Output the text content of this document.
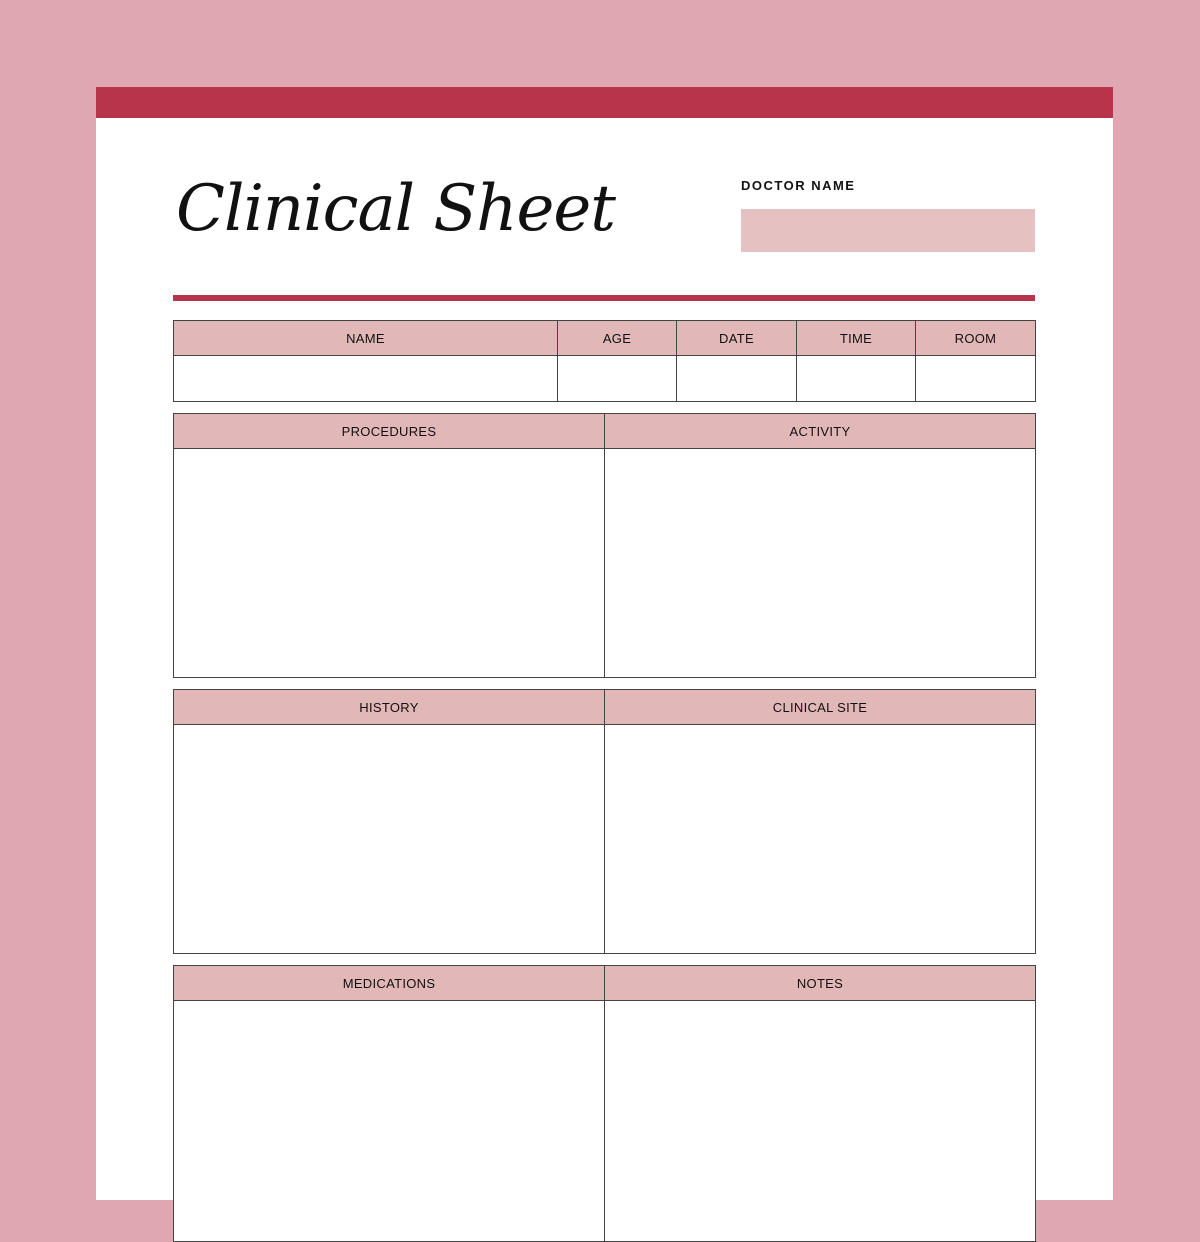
Clinical Sheet	DOCTOR NAME
NAME	AGE	DATE	TIME	ROOM

PROCEDURES	ACTIVITY

HISTORY	CLINICAL SITE

MEDICATIONS	NOTES
